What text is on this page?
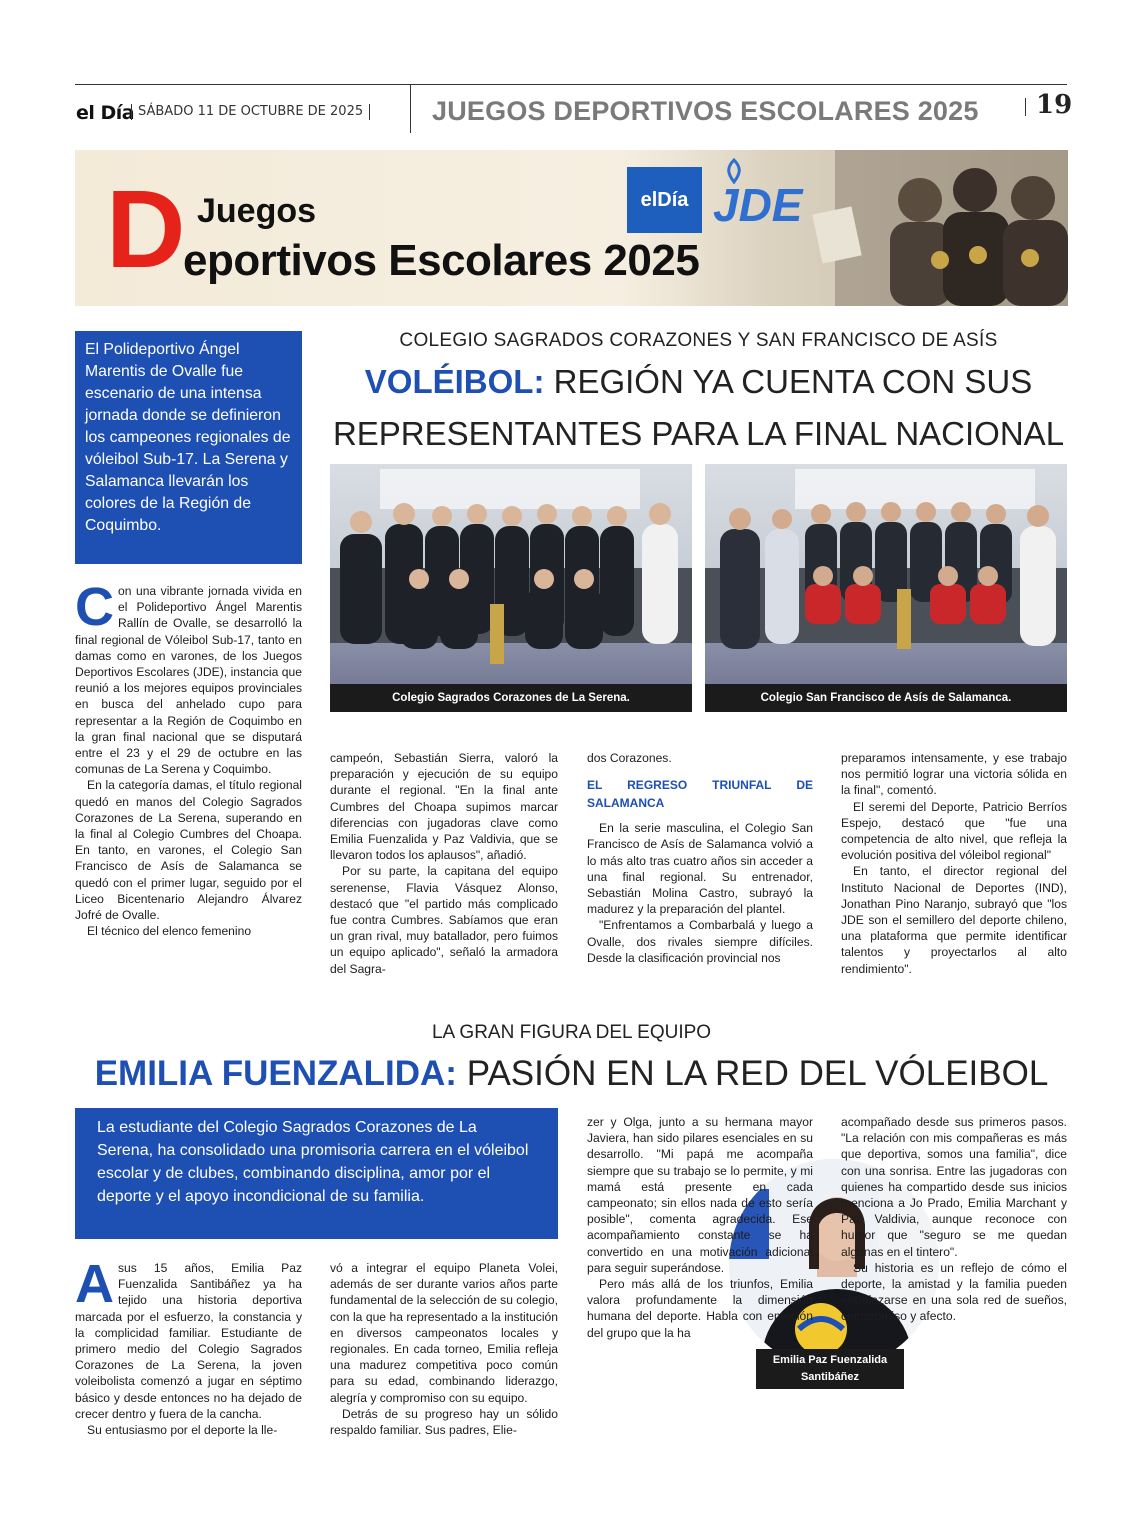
el Día SÁBADO 11 DE OCTUBRE DE 2025	JUEGOS DEPORTIVOS ESCOLARES 2025 19
D Juegos
eportivos Escolares 2025
elDía JDE
El Polideportivo Ángel Marentis de Ovalle fue escenario de una intensa jornada donde se definieron los campeones regionales de vóleibol Sub-17. La Serena y Salamanca llevarán los colores de la Región de Coquimbo.
COLEGIO SAGRADOS CORAZONES Y SAN FRANCISCO DE ASÍS
VOLÉIBOL: REGIÓN YA CUENTA CON SUS
REPRESENTANTES PARA LA FINAL NACIONAL
Colegio Sagrados Corazones de La Serena.	Colegio San Francisco de Asís de Salamanca.
C on una vibrante jornada vivida en el Polideportivo Ángel Marentis Rallín de Ovalle, se desarrolló la final regional de Vóleibol Sub-17, tanto en damas como en varones, de los Juegos Deportivos Escolares (JDE), instancia que reunió a los mejores equipos provinciales en busca del anhelado cupo para representar a la Región de Coquimbo en la gran final nacional que se disputará entre el 23 y el 29 de octubre en las comunas de La Serena y Coquimbo.

En la categoría damas, el título regional quedó en manos del Colegio Sagrados Corazones de La Serena, superando en la final al Colegio Cumbres del Choapa. En tanto, en varones, el Colegio San Francisco de Asís de Salamanca se quedó con el primer lugar, seguido por el Liceo Bicentenario Alejandro Álvarez Jofré de Ovalle.

El técnico del elenco femenino

campeón, Sebastián Sierra, valoró la preparación y ejecución de su equipo durante el regional. "En la final ante Cumbres del Choapa supimos marcar diferencias con jugadoras clave como Emilia Fuenzalida y Paz Valdivia, que se llevaron todos los aplausos", añadió.

Por su parte, la capitana del equipo serenense, Flavia Vásquez Alonso, destacó que "el partido más complicado fue contra Cumbres. Sabíamos que eran un gran rival, muy batallador, pero fuimos un equipo aplicado", señaló la armadora del Sagra-

dos Corazones.

EL REGRESO TRIUNFAL DE SALAMANCA

En la serie masculina, el Colegio San Francisco de Asís de Salamanca volvió a lo más alto tras cuatro años sin acceder a una final regional. Su entrenador, Sebastián Molina Castro, subrayó la madurez y la preparación del plantel.

"Enfrentamos a Combarbalá y luego a Ovalle, dos rivales siempre difíciles. Desde la clasificación provincial nos

preparamos intensamente, y ese trabajo nos permitió lograr una victoria sólida en la final", comentó.

El seremi del Deporte, Patricio Berríos Espejo, destacó que "fue una competencia de alto nivel, que refleja la evolución positiva del vóleibol regional"

En tanto, el director regional del Instituto Nacional de Deportes (IND), Jonathan Pino Naranjo, subrayó que "los JDE son el semillero del deporte chileno, una plataforma que permite identificar talentos y proyectarlos al alto rendimiento".

LA GRAN FIGURA DEL EQUIPO
EMILIA FUENZALIDA: PASIÓN EN LA RED DEL VÓLEIBOL
La estudiante del Colegio Sagrados Corazones de La Serena, ha consolidado una promisoria carrera en el vóleibol escolar y de clubes, combinando disciplina, amor por el deporte y el apoyo incondicional de su familia.
A sus 15 años, Emilia Paz Fuenzalida Santibáñez ya ha tejido una historia deportiva marcada por el esfuerzo, la constancia y la complicidad familiar. Estudiante de primero medio del Colegio Sagrados Corazones de La Serena, la joven voleibolista comenzó a jugar en séptimo básico y desde entonces no ha dejado de crecer dentro y fuera de la cancha.

Su entusiasmo por el deporte la lle-

vó a integrar el equipo Planeta Volei, además de ser durante varios años parte fundamental de la selección de su colegio, con la que ha representado a la institución en diversos campeonatos locales y regionales. En cada torneo, Emilia refleja una madurez competitiva poco común para su edad, combinando liderazgo, alegría y compromiso con su equipo.

Detrás de su progreso hay un sólido respaldo familiar. Sus padres, Elie-

zer y Olga, junto a su hermana mayor Javiera, han sido pilares esenciales en su desarrollo. "Mi papá me acompaña siempre que su trabajo se lo permite, y mi mamá está presente en cada campeonato; sin ellos nada de esto sería posible", comenta agradecida. Ese acompañamiento constante se ha convertido en una motivación adicional para seguir superándose.

Pero más allá de los triunfos, Emilia valora profundamente la dimensión humana del deporte. Habla con emoción del grupo que la ha

acompañado desde sus primeros pasos. "La relación con mis compañeras es más que deportiva, somos una familia", dice con una sonrisa. Entre las jugadoras con quienes ha compartido desde sus inicios menciona a Jo Prado, Emilia Marchant y Paz Valdivia, aunque reconoce con humor que "seguro se me quedan algunas en el tintero".

Su historia es un reflejo de cómo el deporte, la amistad y la familia pueden entrelazarse en una sola red de sueños, compromiso y afecto.

Emilia Paz Fuenzalida Santibáñez
